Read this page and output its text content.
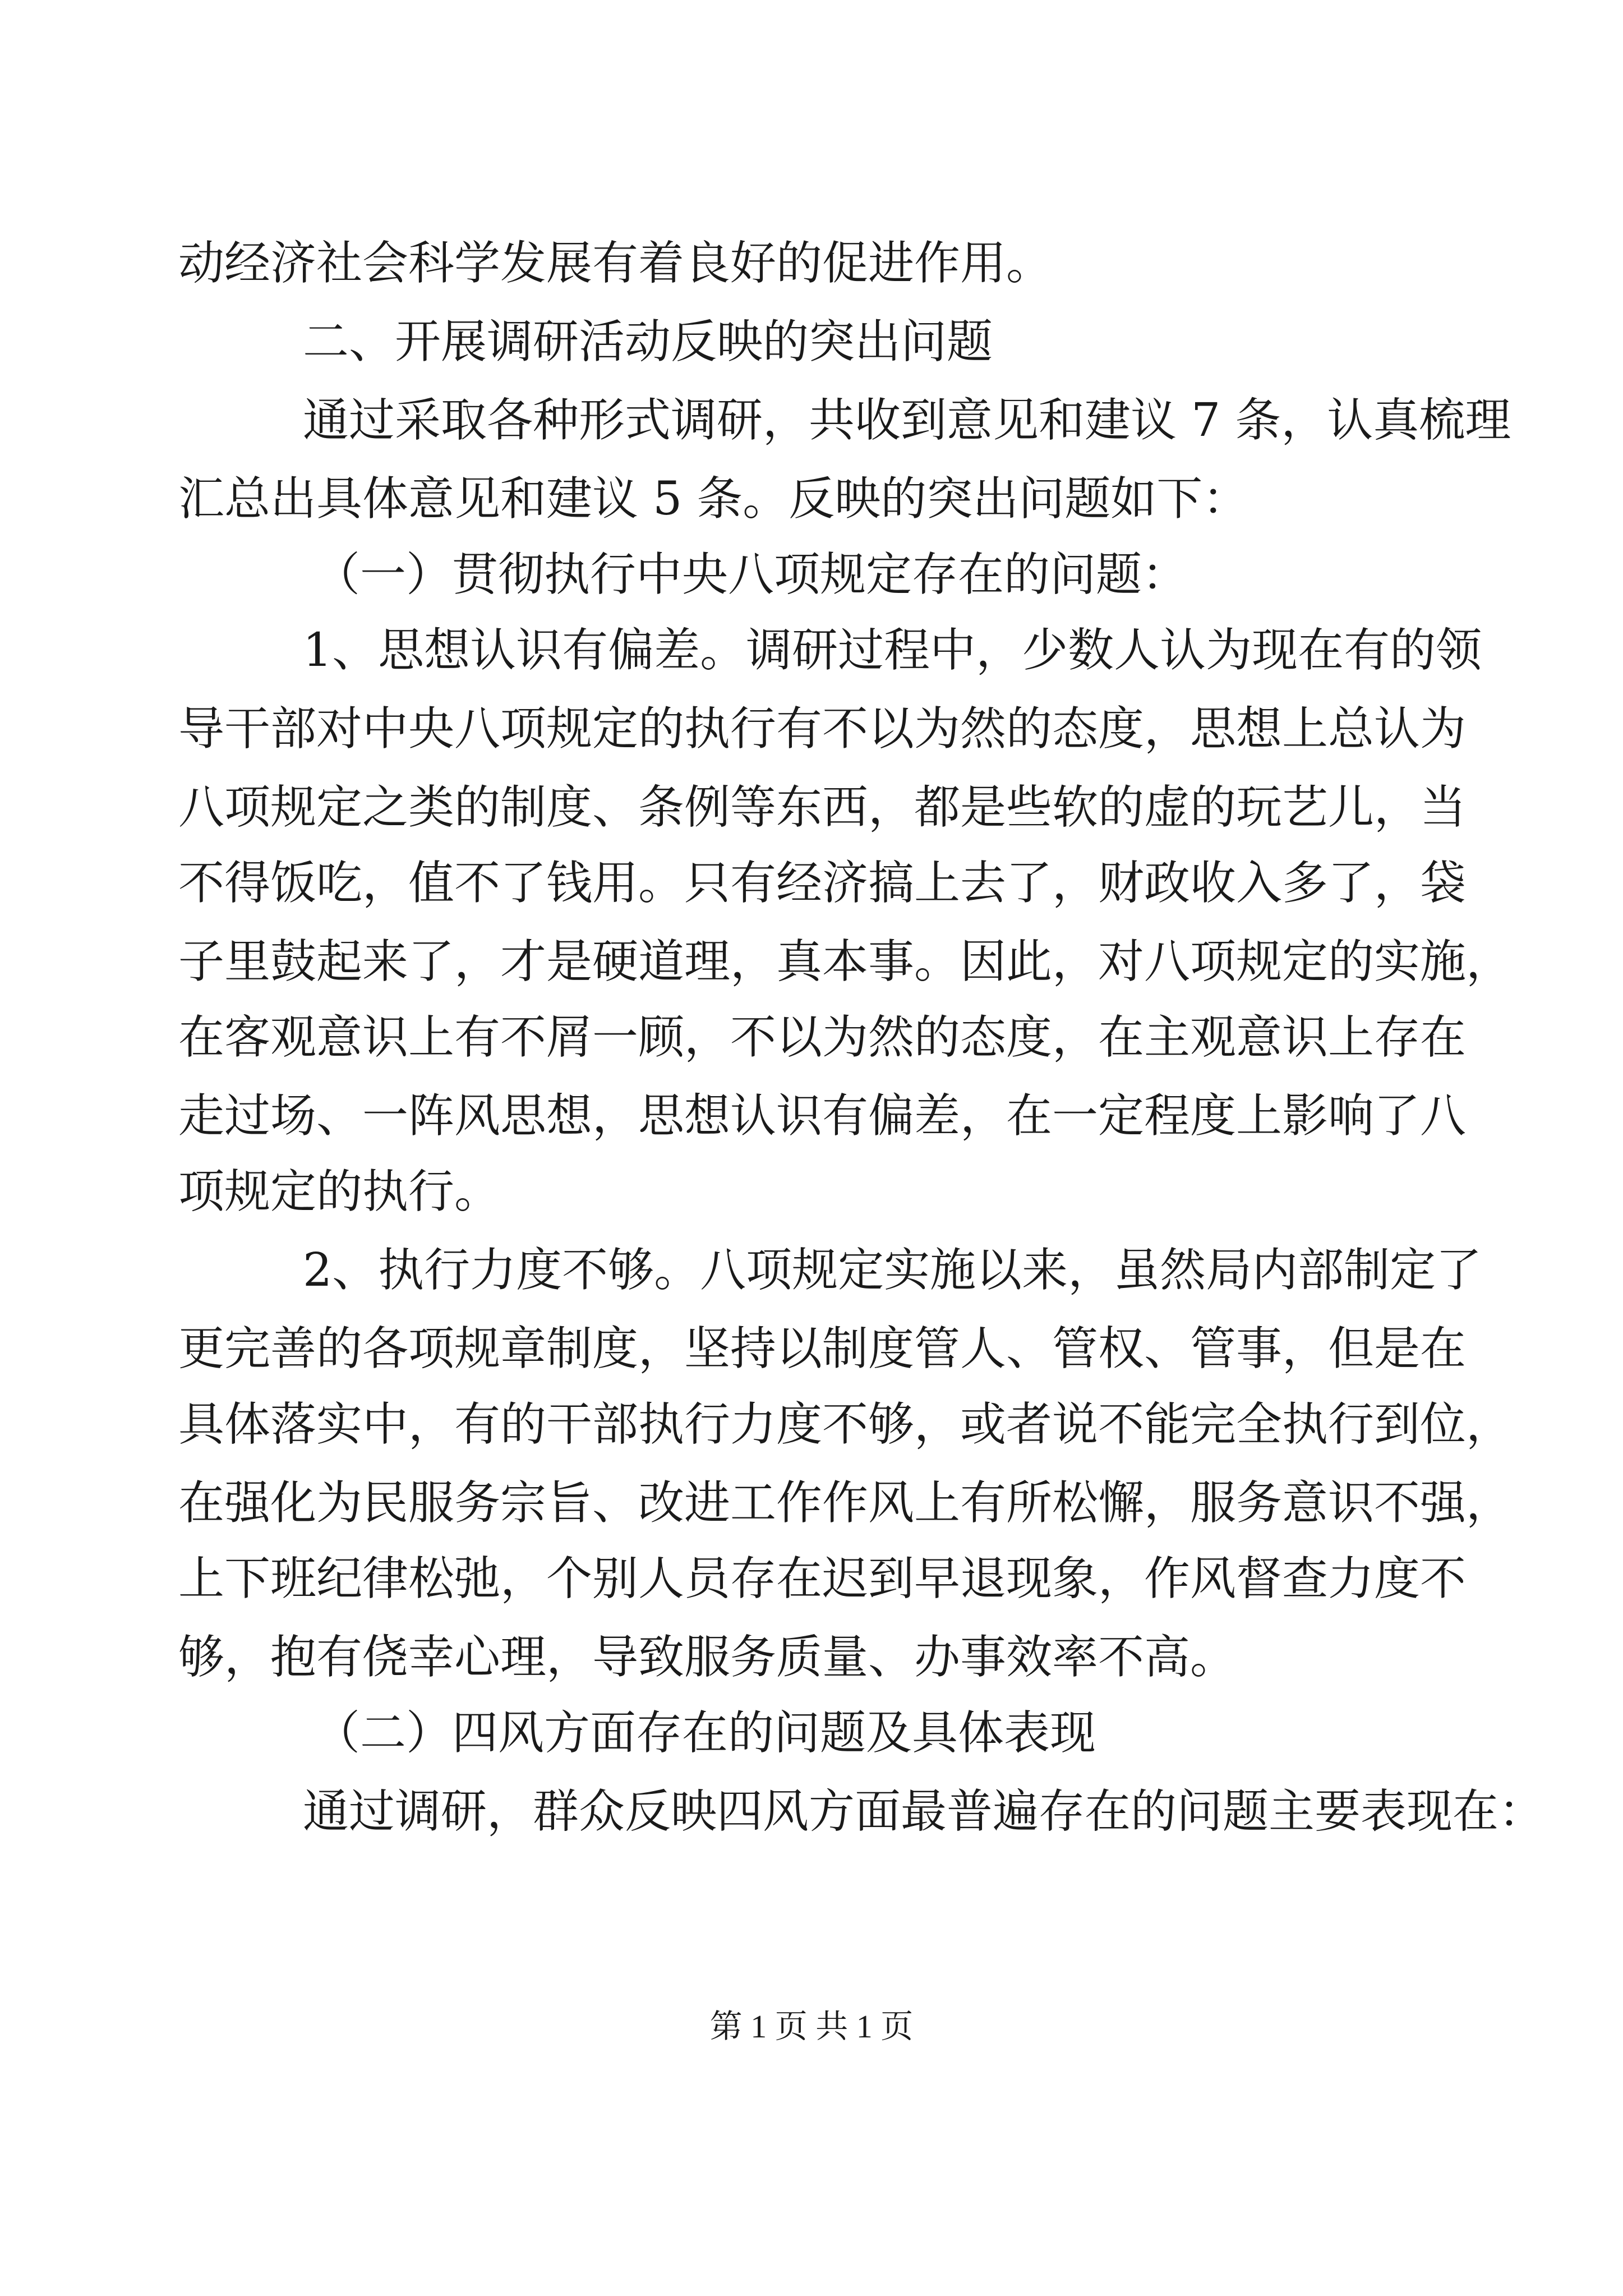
动经济社会科学发展有着良好的促进作用。

二、开展调研活动反映的突出问题

通过采取各种形式调研，共收到意见和建议 7 条，认真梳理

汇总出具体意见和建议 5 条。反映的突出问题如下：

（一）贯彻执行中央八项规定存在的问题：

1、思想认识有偏差。调研过程中，少数人认为现在有的领

导干部对中央八项规定的执行有不以为然的态度，思想上总认为

八项规定之类的制度、条例等东西，都是些软的虚的玩艺儿，当

不得饭吃，值不了钱用。只有经济搞上去了，财政收入多了，袋

子里鼓起来了，才是硬道理，真本事。因此，对八项规定的实施，

在客观意识上有不屑一顾，不以为然的态度，在主观意识上存在

走过场、一阵风思想，思想认识有偏差，在一定程度上影响了八

项规定的执行。

2、执行力度不够。八项规定实施以来，虽然局内部制定了

更完善的各项规章制度，坚持以制度管人、管权、管事，但是在

具体落实中，有的干部执行力度不够，或者说不能完全执行到位，

在强化为民服务宗旨、改进工作作风上有所松懈，服务意识不强，

上下班纪律松弛，个别人员存在迟到早退现象，作风督查力度不

够，抱有侥幸心理，导致服务质量、办事效率不高。

（二）四风方面存在的问题及具体表现

通过调研，群众反映四风方面最普遍存在的问题主要表现在：

第 1 页 共 1 页
